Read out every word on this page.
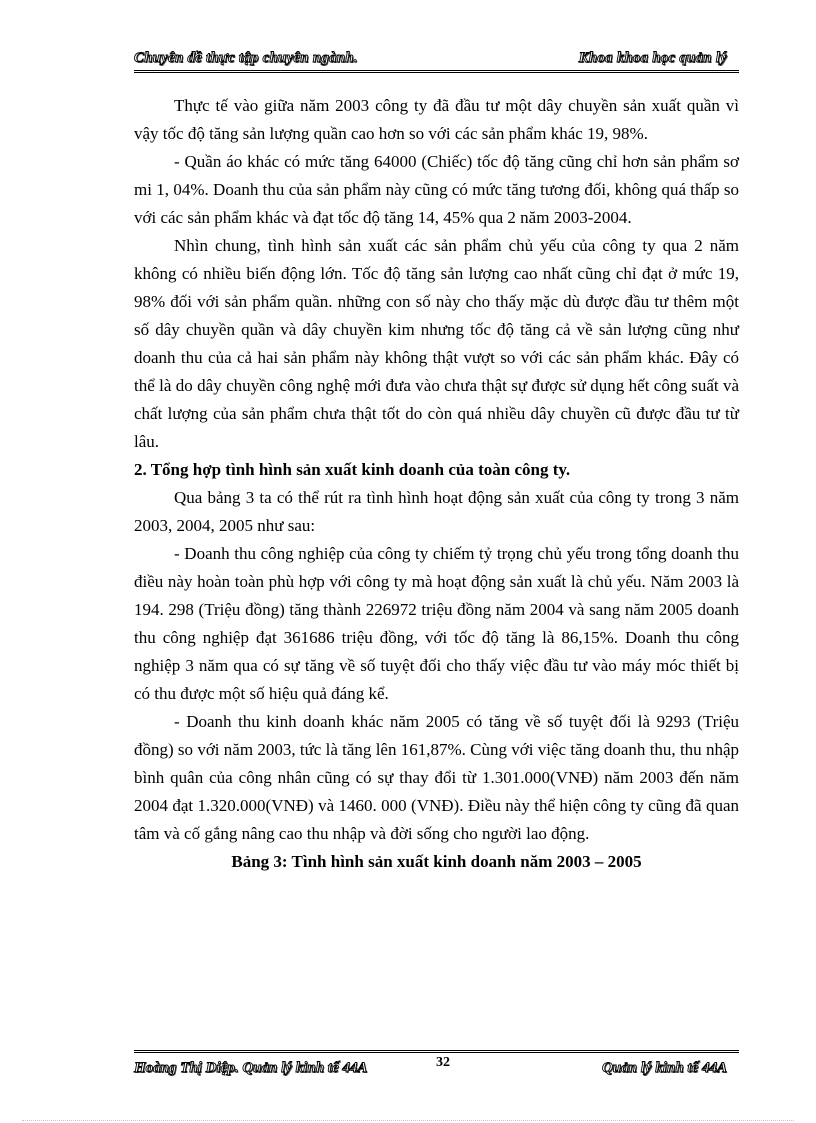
Chuyên đề thực tập chuyên ngành.	Khoa khoa học quản lý

Thực tế vào giữa năm 2003 công ty đã đầu tư một dây chuyền sản xuất quần vì vậy tốc độ tăng sản lượng quần cao hơn so với các sản phẩm khác 19, 98%.

- Quần áo khác có mức tăng 64000 (Chiếc) tốc độ tăng cũng chỉ hơn sản phẩm sơ mi 1, 04%. Doanh thu của sản phẩm này cũng có mức tăng tương đối, không quá thấp so với các sản phẩm khác và đạt tốc độ tăng 14, 45% qua 2 năm 2003-2004.

Nhìn chung, tình hình sản xuất các sản phẩm chủ yếu của công ty qua 2 năm không có nhiều biến động lớn. Tốc độ tăng sản lượng cao nhất cũng chỉ đạt ở mức 19, 98% đối với sản phẩm quần. những con số này cho thấy mặc dù được đầu tư thêm một số dây chuyền quần và dây chuyền kim nhưng tốc độ tăng cả về sản lượng cũng như doanh thu của cả hai sản phẩm này không thật vượt so với các sản phẩm khác. Đây có thể là do dây chuyền công nghệ mới đưa vào chưa thật sự được sử dụng hết công suất và chất lượng của sản phẩm chưa thật tốt do còn quá nhiều dây chuyền cũ được đầu tư từ lâu.

2. Tổng hợp tình hình sản xuất kinh doanh của toàn công ty.

Qua bảng 3 ta có thể rút ra tình hình hoạt động sản xuất của công ty trong 3 năm 2003, 2004, 2005 như sau:

- Doanh thu công nghiệp của công ty chiếm tỷ trọng chủ yếu trong tổng doanh thu điều này hoàn toàn phù hợp với công ty mà hoạt động sản xuất là chủ yếu. Năm 2003 là 194. 298 (Triệu đồng) tăng thành 226972 triệu đồng năm 2004 và sang năm 2005 doanh thu công nghiệp đạt 361686 triệu đồng, với tốc độ tăng là 86,15%. Doanh thu công nghiệp 3 năm qua có sự tăng về số tuyệt đối cho thấy việc đầu tư vào máy móc thiết bị có thu được một số hiệu quả đáng kể.

- Doanh thu kinh doanh khác năm 2005 có tăng về số tuyệt đối là 9293 (Triệu đồng) so với năm 2003, tức là tăng lên 161,87%. Cùng với việc tăng doanh thu, thu nhập bình quân của công nhân cũng có sự thay đổi từ 1.301.000(VNĐ) năm 2003 đến năm 2004 đạt 1.320.000(VNĐ) và 1460. 000 (VNĐ). Điều này thể hiện công ty cũng đã quan tâm và cố gắng nâng cao thu nhập và đời sống cho người lao động.

Bảng 3: Tình hình sản xuất kinh doanh năm 2003 – 2005

Hoàng Thị Diệp. Quản lý kinh tế 44A	32	Quản lý kinh tế 44A
